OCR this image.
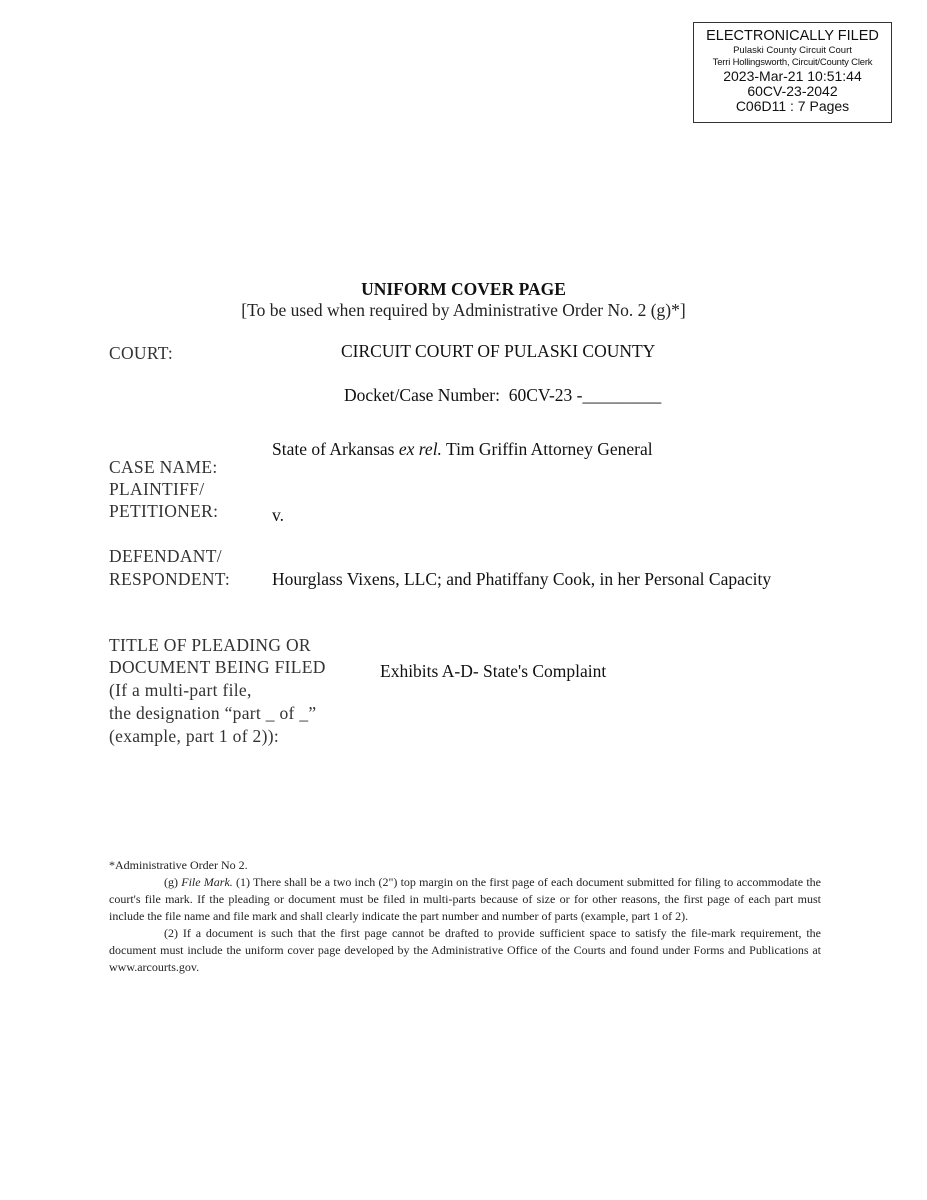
ELECTRONICALLY FILED
Pulaski County Circuit Court
Terri Hollingsworth, Circuit/County Clerk
2023-Mar-21 10:51:44
60CV-23-2042
C06D11 : 7 Pages
UNIFORM COVER PAGE
[To be used when required by Administrative Order No. 2 (g)*]
COURT:	CIRCUIT COURT OF PULASKI COUNTY
Docket/Case Number: 60CV-23 -_________
State of Arkansas ex rel. Tim Griffin Attorney General
CASE NAME:
PLAINTIFF/
PETITIONER:	v.
DEFENDANT/
RESPONDENT: Hourglass Vixens, LLC; and Phatiffany Cook, in her Personal Capacity
TITLE OF PLEADING OR
DOCUMENT BEING FILED	Exhibits A-D- State's Complaint
(If a multi-part file,
the designation “part _ of _”
(example, part 1 of 2)):

*Administrative Order No 2.

(g) File Mark. (1) There shall be a two inch (2") top margin on the first page of each document submitted for filing to accommodate the court's file mark. If the pleading or document must be filed in multi-parts because of size or for other reasons, the first page of each part must include the file name and file mark and shall clearly indicate the part number and number of parts (example, part 1 of 2).

(2) If a document is such that the first page cannot be drafted to provide sufficient space to satisfy the file-mark requirement, the document must include the uniform cover page developed by the Administrative Office of the Courts and found under Forms and Publications at www.arcourts.gov.
